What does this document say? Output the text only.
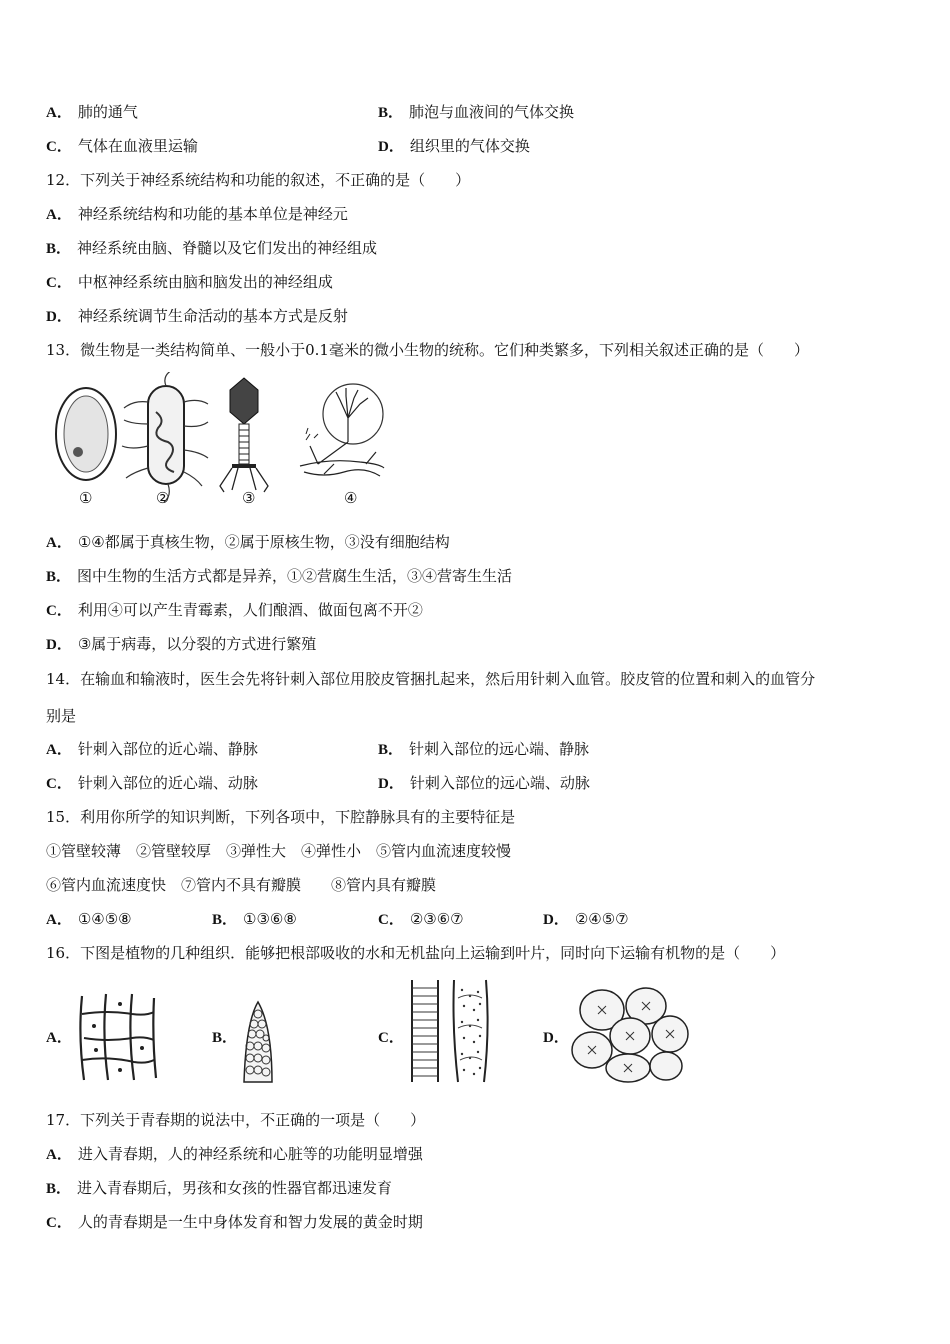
A． 肺的通气	B． 肺泡与血液间的气体交换
C． 气体在血液里运输	D． 组织里的气体交换
12．下列关于神经系统结构和功能的叙述，不正确的是（　　）
A． 神经系统结构和功能的基本单位是神经元
B． 神经系统由脑、脊髓以及它们发出的神经组成
C． 中枢神经系统由脑和脑发出的神经组成
D． 神经系统调节生命活动的基本方式是反射
13．微生物是一类结构简单、一般小于0.1毫米的微小生物的统称。它们种类繁多，下列相关叙述正确的是（　　）
①	②	③	④
A． ①④都属于真核生物，②属于原核生物，③没有细胞结构
B． 图中生物的生活方式都是异养，①②营腐生生活，③④营寄生生活
C． 利用④可以产生青霉素，人们酿酒、做面包离不开②
D． ③属于病毒，以分裂的方式进行繁殖
14．在输血和输液时，医生会先将针刺入部位用胶皮管捆扎起来，然后用针刺入血管。胶皮管的位置和刺入的血管分
别是
A． 针刺入部位的近心端、静脉	B． 针刺入部位的远心端、静脉
C． 针刺入部位的近心端、动脉	D． 针刺入部位的远心端、动脉
15．利用你所学的知识判断，下列各项中，下腔静脉具有的主要特征是
①管壁较薄　②管壁较厚　③弹性大　④弹性小　⑤管内血流速度较慢
⑥管内血流速度快　⑦管内不具有瓣膜　　⑧管内具有瓣膜
A． ①④⑤⑧	B． ①③⑥⑧	C． ②③⑥⑦	D． ②④⑤⑦
16．下图是植物的几种组织．能够把根部吸收的水和无机盐向上运输到叶片，同时向下运输有机物的是（　　）
A．	B．	C．	D．
17．下列关于青春期的说法中，不正确的一项是（　　）
A． 进入青春期，人的神经系统和心脏等的功能明显增强
B． 进入青春期后，男孩和女孩的性器官都迅速发育
C． 人的青春期是一生中身体发育和智力发展的黄金时期
